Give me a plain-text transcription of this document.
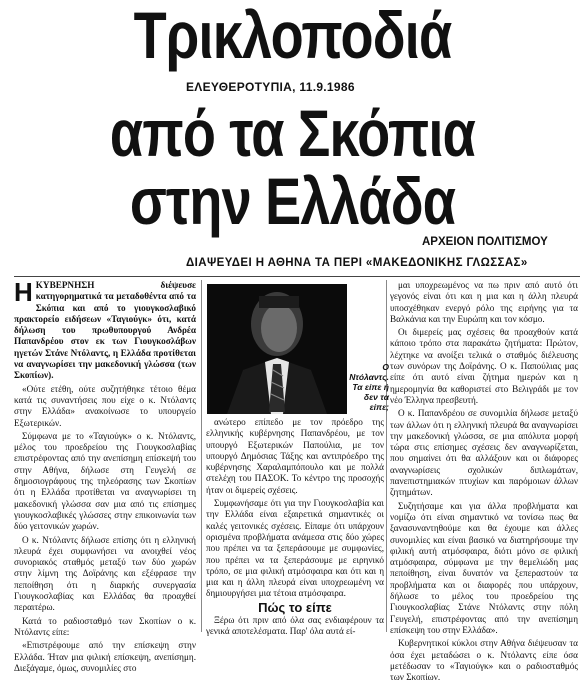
Τρικλοποδιά
ΕΛΕΥΘΕΡΟΤΥΠΙΑ, 11.9.1986
από τα Σκόπια
στην Ελλάδα
ΑΡΧΕΙΟΝ ΠΟΛΙΤΙΣΜΟΥ
ΔΙΑΨΕΥΔΕΙ Η ΑΘΗΝΑ ΤΑ ΠΕΡΙ «ΜΑΚΕΔΟΝΙΚΗΣ ΓΛΩΣΣΑΣ»

ΗΚΥΒΕΡΝΗΣΗ διέψευσε κατηγορηματικά τα μεταδοθέντα από τα Σκόπια και από το γιουγκοσλαβικό πρακτορείο ειδήσεων «Ταγιούγκ» ότι, κατά δήλωση του πρωθυπουργού Ανδρέα Παπανδρέου στον εκ των Γιουγκοσλάβων ηγετών Στάνε Ντόλαντς, η Ελλάδα προτίθεται να αναγνωρίσει την μακεδονική γλώσσα (των Σκοπίων).

«Ούτε ετέθη, ούτε συζητήθηκε τέτοιο θέμα κατά τις συναντήσεις που είχε ο κ. Ντόλαντς στην Ελλάδα» ανακοίνωσε το υπουργείο Εξωτερικών.

Σύμφωνα με το «Ταγιούγκ» ο κ. Ντόλαντς, μέλος του προεδρείου της Γιουγκοσλαβίας επιστρέφοντας από την ανεπίσημη επίσκεψή του στην Αθήνα, δήλωσε στη Γευγελή σε δημοσιογράφους της τηλεόρασης των Σκοπίων ότι η Ελλάδα προτίθεται να αναγνωρίσει τη μακεδονική γλώσσα σαν μια από τις επίσημες γιουγκοσλαβικές γλώσσες στην επικοινωνία των δύο γειτονικών χωρών.

Ο κ. Ντόλαντς δήλωσε επίσης ότι η ελληνική πλευρά έχει συμφωνήσει να ανοιχθεί νέος συνοριακός σταθμός μεταξύ των δύο χωρών στην λίμνη της Δοϊράνης και εξέφρασε την πεποίθηση ότι η διαρκής συνεργασία Γιουγκοσλαβίας και Ελλάδας θα προαχθεί περαιτέρω.

Κατά το ραδιοσταθμό των Σκοπίων ο κ. Ντόλαντς είπε:

«Επιστρέφουμε από την επίσκεψη στην Ελλάδα. Ήταν μια φιλική επίσκεψη, ανεπίσημη. Διεξάγαμε, όμως, συνομιλίες στο

Ο Ντόλαντς. Τα είπε ή δεν τα είπε;

ανώτερο επίπεδο με τον πρόεδρο της ελληνικής κυβέρνησης Παπανδρέου, με τον υπουργό Εξωτερικών Παπούλια, με τον υπουργό Δημόσιας Τάξης και αντιπρόεδρο της κυβέρνησης Χαραλαμπόπουλο και με πολλά στελέχη του ΠΑΣΟΚ. Το κέντρο της προσοχής ήταν οι διμερείς σχέσεις.

Συμφωνήσαμε ότι για την Γιουγκοσλαβία και την Ελλάδα είναι εξαιρετικά σημαντικές οι καλές γειτονικές σχέσεις. Είπαμε ότι υπάρχουν ορισμένα προβλήματα ανάμεσα στις δύο χώρες που πρέπει να τα ξεπεράσουμε με συμφωνίες, που πρέπει να τα ξεπεράσουμε με ειρηνικό τρόπο, σε μια φιλική ατμόσφαιρα και ότι και η μια και η άλλη πλευρά είναι υποχρεωμένη να δημιουργήσει μια τέτοια ατμόσφαιρα.

Πώς το είπε

Ξέρω ότι πριν από όλα σας ενδιαφέρουν τα γενικά αποτελέσματα. Παρ' όλα αυτά εί-

μαι υποχρεωμένος να πω πριν από αυτό ότι γεγονός είναι ότι και η μια και η άλλη πλευρά υποσχέθηκαν ενεργό ρόλο της ειρήνης για τα Βαλκάνια και την Ευρώπη και τον κόσμο.

Οι διμερείς μας σχέσεις θα προαχθούν κατά κάποιο τρόπο στα παρακάτω ζητήματα: Πρώτον, λέχτηκε να ανοίξει τελικά ο σταθμός διέλευσης των συνόρων της Δοϊράνης. Ο κ. Παπούλιας μας είπε ότι αυτό είναι ζήτημα ημερών και η ημερομηνία θα καθοριστεί στο Βελιγράδι με τον νέο Έλληνα πρεσβευτή.

Ο κ. Παπανδρέου σε συνομιλία δήλωσε μεταξύ των άλλων ότι η ελληνική πλευρά θα αναγνωρίσει την μακεδονική γλώσσα, σε μια απόλυτα μορφή τώρα στις επίσημες σχέσεις δεν αναγνωρίζεται, που σημαίνει ότι θα αλλάξουν και οι διάφορες αναγνωρίσεις σχολικών διπλωμάτων, πανεπιστημιακών πτυχίων και παρόμοιων άλλων ζητημάτων.

Συζητήσαμε και για άλλα προβλήματα και νομίζω ότι είναι σημαντικό να τονίσω πως θα ξανασυναντηθούμε και θα έχουμε και άλλες συνομιλίες και είναι βασικό να διατηρήσουμε την φιλική αυτή ατμόσφαιρα, διότι μόνο σε φιλική ατμόσφαιρα, σύμφωνα με την θεμελιώδη μας πεποίθηση, είναι δυνατόν να ξεπεραστούν τα προβλήματα και οι διαφορές που υπάρχουν, δήλωσε το μέλος του προεδρείου της Γιουγκοσλαβίας Στάνε Ντόλαντς στην πόλη Γευγελή, επιστρέφοντας από την ανεπίσημη επίσκεψη του στην Ελλάδα».

Κυβερνητικοί κύκλοι στην Αθήνα διέψευσαν τα όσα έχει μεταδώσει ο κ. Ντόλαντς είπε όσα μετέδωσαν το «Ταγιούγκ» και ο ραδιοσταθμός των Σκοπίων.
